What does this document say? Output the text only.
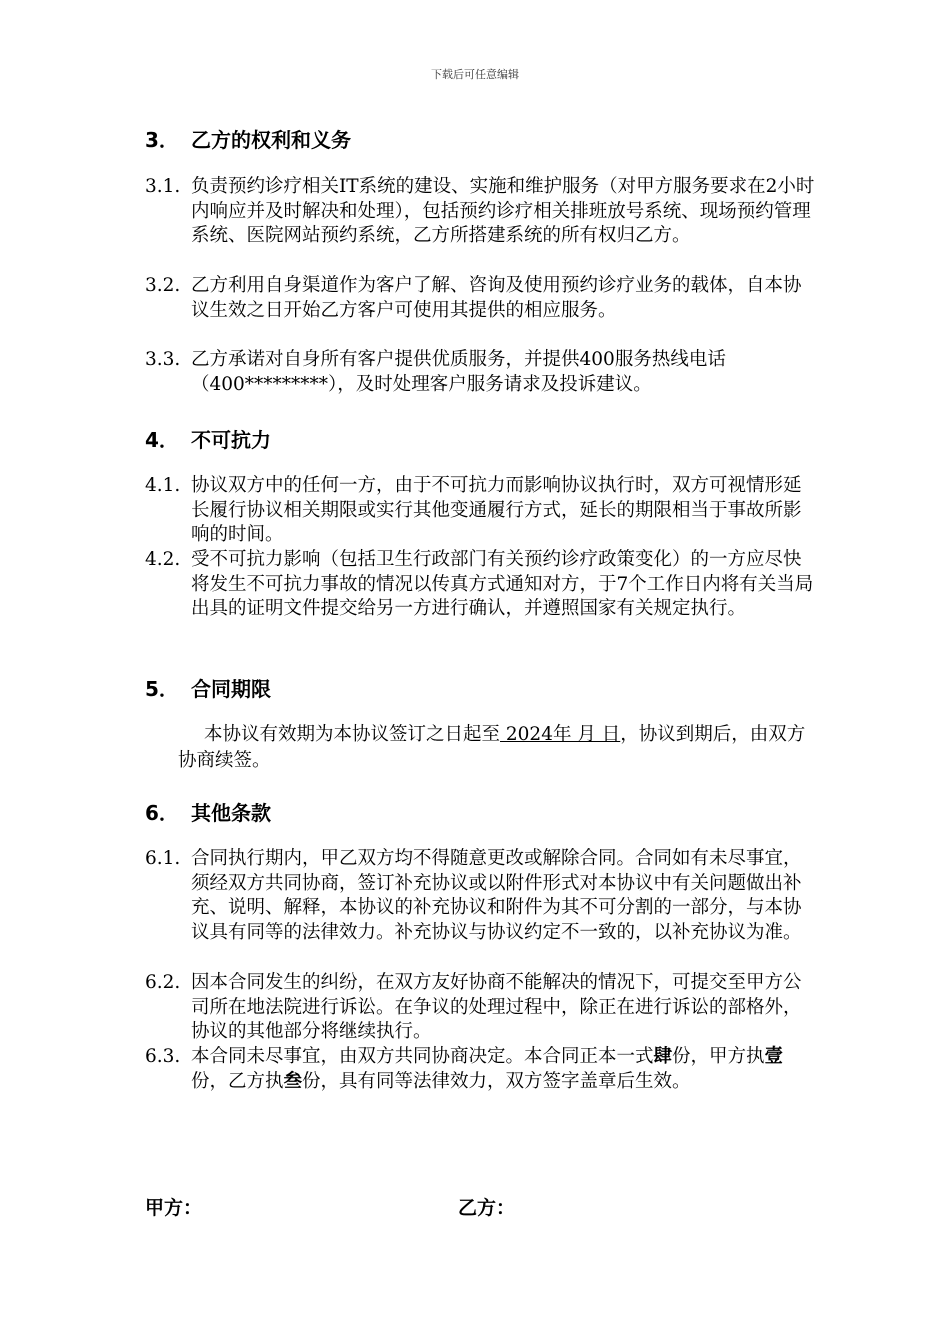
下载后可任意编辑
3． 乙方的权利和义务
3.1. 负责预约诊疗相关IT系统的建设、实施和维护服务（对甲方服务要求在2小时内响应并及时解决和处理），包括预约诊疗相关排班放号系统、现场预约管理系统、医院网站预约系统，乙方所搭建系统的所有权归乙方。
3.2. 乙方利用自身渠道作为客户了解、咨询及使用预约诊疗业务的载体，自本协议生效之日开始乙方客户可使用其提供的相应服务。
3.3. 乙方承诺对自身所有客户提供优质服务，并提供400服务热线电话（400*********），及时处理客户服务请求及投诉建议。
4． 不可抗力
4.1. 协议双方中的任何一方，由于不可抗力而影响协议执行时，双方可视情形延长履行协议相关期限或实行其他变通履行方式，延长的期限相当于事故所影响的时间。
4.2. 受不可抗力影响（包括卫生行政部门有关预约诊疗政策变化）的一方应尽快将发生不可抗力事故的情况以传真方式通知对方，于7个工作日内将有关当局出具的证明文件提交给另一方进行确认，并遵照国家有关规定执行。
5． 合同期限
本协议有效期为本协议签订之日起至 2024年 月 日，协议到期后，由双方协商续签。
6． 其他条款
6.1. 合同执行期内，甲乙双方均不得随意更改或解除合同。合同如有未尽事宜，须经双方共同协商，签订补充协议或以附件形式对本协议中有关问题做出补充、说明、解释，本协议的补充协议和附件为其不可分割的一部分，与本协议具有同等的法律效力。补充协议与协议约定不一致的，以补充协议为准。
6.2. 因本合同发生的纠纷，在双方友好协商不能解决的情况下，可提交至甲方公司所在地法院进行诉讼。在争议的处理过程中，除正在进行诉讼的部格外，协议的其他部分将继续执行。
6.3. 本合同未尽事宜，由双方共同协商决定。本合同正本一式肆份，甲方执壹份，乙方执叁份，具有同等法律效力，双方签字盖章后生效。
甲方：	乙方：
